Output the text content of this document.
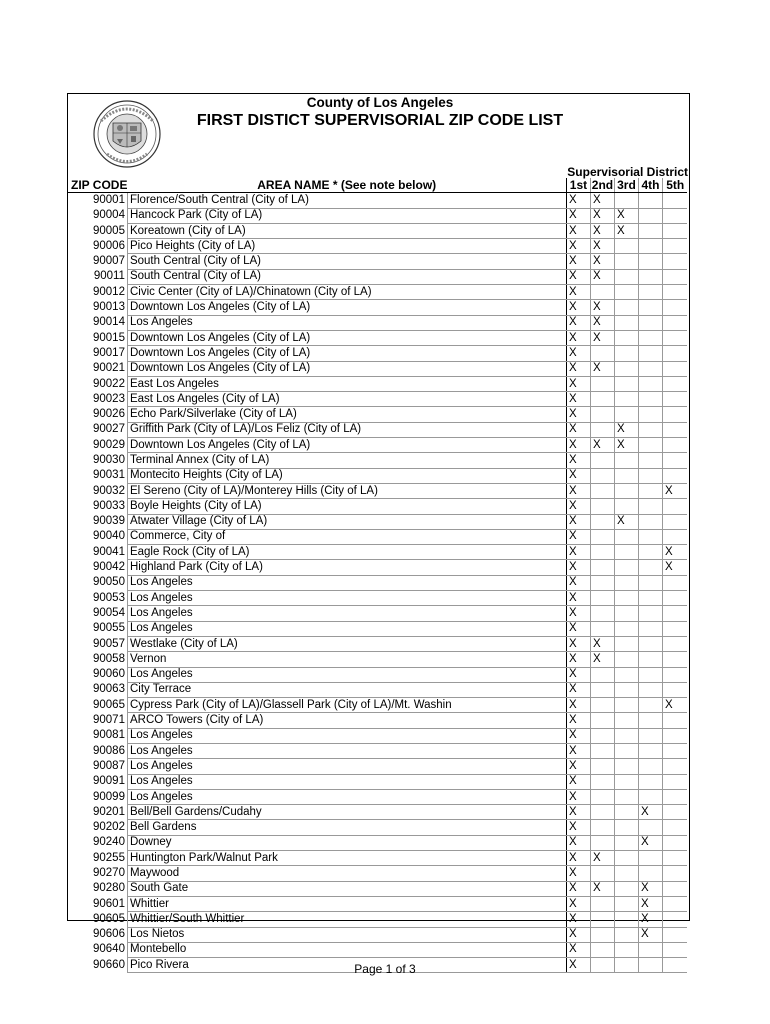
County of Los Angeles
FIRST DISTICT SUPERVISORIAL ZIP CODE LIST
Supervisorial District
ZIP CODE	AREA NAME * (See note below)	1st	2nd	3rd	4th	5th
90001	Florence/South Central (City of LA)	X	X			
90004	Hancock Park (City of LA)	X	X	X		
90005	Koreatown (City of LA)	X	X	X		
90006	Pico Heights (City of LA)	X	X			
90007	South Central (City of LA)	X	X			
90011	South Central (City of LA)	X	X			
90012	Civic Center (City of LA)/Chinatown (City of LA)	X				
90013	Downtown Los Angeles (City of LA)	X	X			
90014	Los Angeles	X	X			
90015	Downtown Los Angeles (City of LA)	X	X			
90017	Downtown Los Angeles (City of LA)	X				
90021	Downtown Los Angeles (City of LA)	X	X			
90022	East Los Angeles	X				
90023	East Los Angeles (City of LA)	X				
90026	Echo Park/Silverlake (City of LA)	X				
90027	Griffith Park (City of LA)/Los Feliz (City of LA)	X		X		
90029	Downtown Los Angeles (City of LA)	X	X	X		
90030	Terminal Annex (City of LA)	X				
90031	Montecito Heights (City of LA)	X				
90032	El Sereno (City of LA)/Monterey Hills (City of LA)	X				X
90033	Boyle Heights (City of LA)	X				
90039	Atwater Village (City of LA)	X		X		
90040	Commerce, City of	X				
90041	Eagle Rock (City of LA)	X				X
90042	Highland Park (City of LA)	X				X
90050	Los Angeles	X				
90053	Los Angeles	X				
90054	Los Angeles	X				
90055	Los Angeles	X				
90057	Westlake (City of LA)	X	X			
90058	Vernon	X	X			
90060	Los Angeles	X				
90063	City Terrace	X				
90065	Cypress Park (City of LA)/Glassell Park (City of LA)/Mt. Washin	X				X
90071	ARCO Towers (City of LA)	X				
90081	Los Angeles	X				
90086	Los Angeles	X				
90087	Los Angeles	X				
90091	Los Angeles	X				
90099	Los Angeles	X				
90201	Bell/Bell Gardens/Cudahy	X			X	
90202	Bell Gardens	X				
90240	Downey	X			X	
90255	Huntington Park/Walnut Park	X	X			
90270	Maywood	X				
90280	South Gate	X	X		X	
90601	Whittier	X			X	
90605	Whittier/South Whittier	X			X	
90606	Los Nietos	X			X	
90640	Montebello	X				
90660	Pico Rivera	X				
Page 1 of 3
